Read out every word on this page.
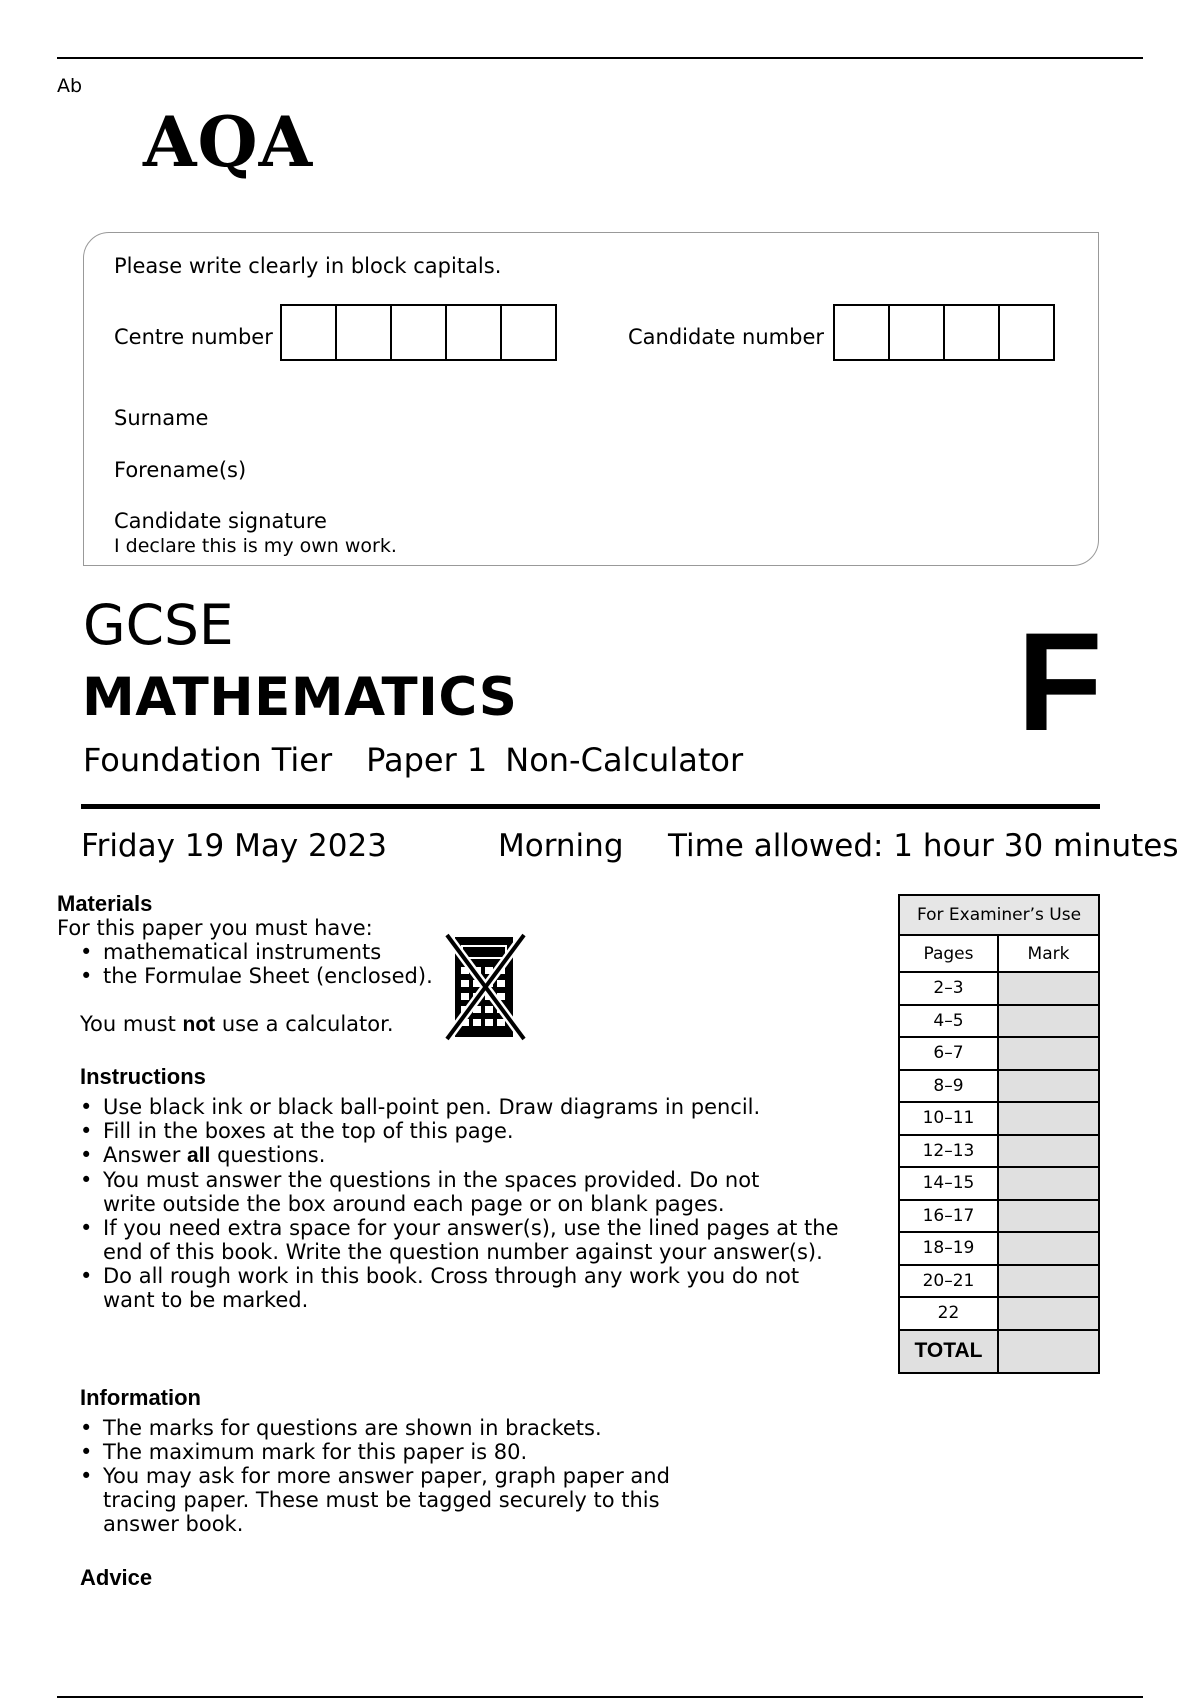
Ab
AQA
Please write clearly in block capitals.
Centre number	Candidate number
Surname
Forename(s)
Candidate signature
I declare this is my own work.
GCSE
MATHEMATICS
Foundation Tier Paper 1 Non-Calculator F
Friday 19 May 2023	Morning Time allowed: 1 hour 30 minutes
Materials
For this paper you must have:
• mathematical instruments
• the Formulae Sheet (enclosed).
You must not use a calculator.
Instructions
• Use black ink or black ball-point pen. Draw diagrams in pencil.
• Fill in the boxes at the top of this page.
• Answer all questions.
• You must answer the questions in the spaces provided. Do not write outside the box around each page or on blank pages.
• If you need extra space for your answer(s), use the lined pages at the end of this book. Write the question number against your answer(s).
• Do all rough work in this book. Cross through any work you do not want to be marked.
Information
• The marks for questions are shown in brackets.
• The maximum mark for this paper is 80.
• You may ask for more answer paper, graph paper and tracing paper. These must be tagged securely to this answer book.
Advice
For Examiner’s Use	
Pages	Mark
2–3	
4–5	
6–7	
8–9	
10–11	
12–13	
14–15	
16–17	
18–19	
20–21	
22	
TOTAL	
